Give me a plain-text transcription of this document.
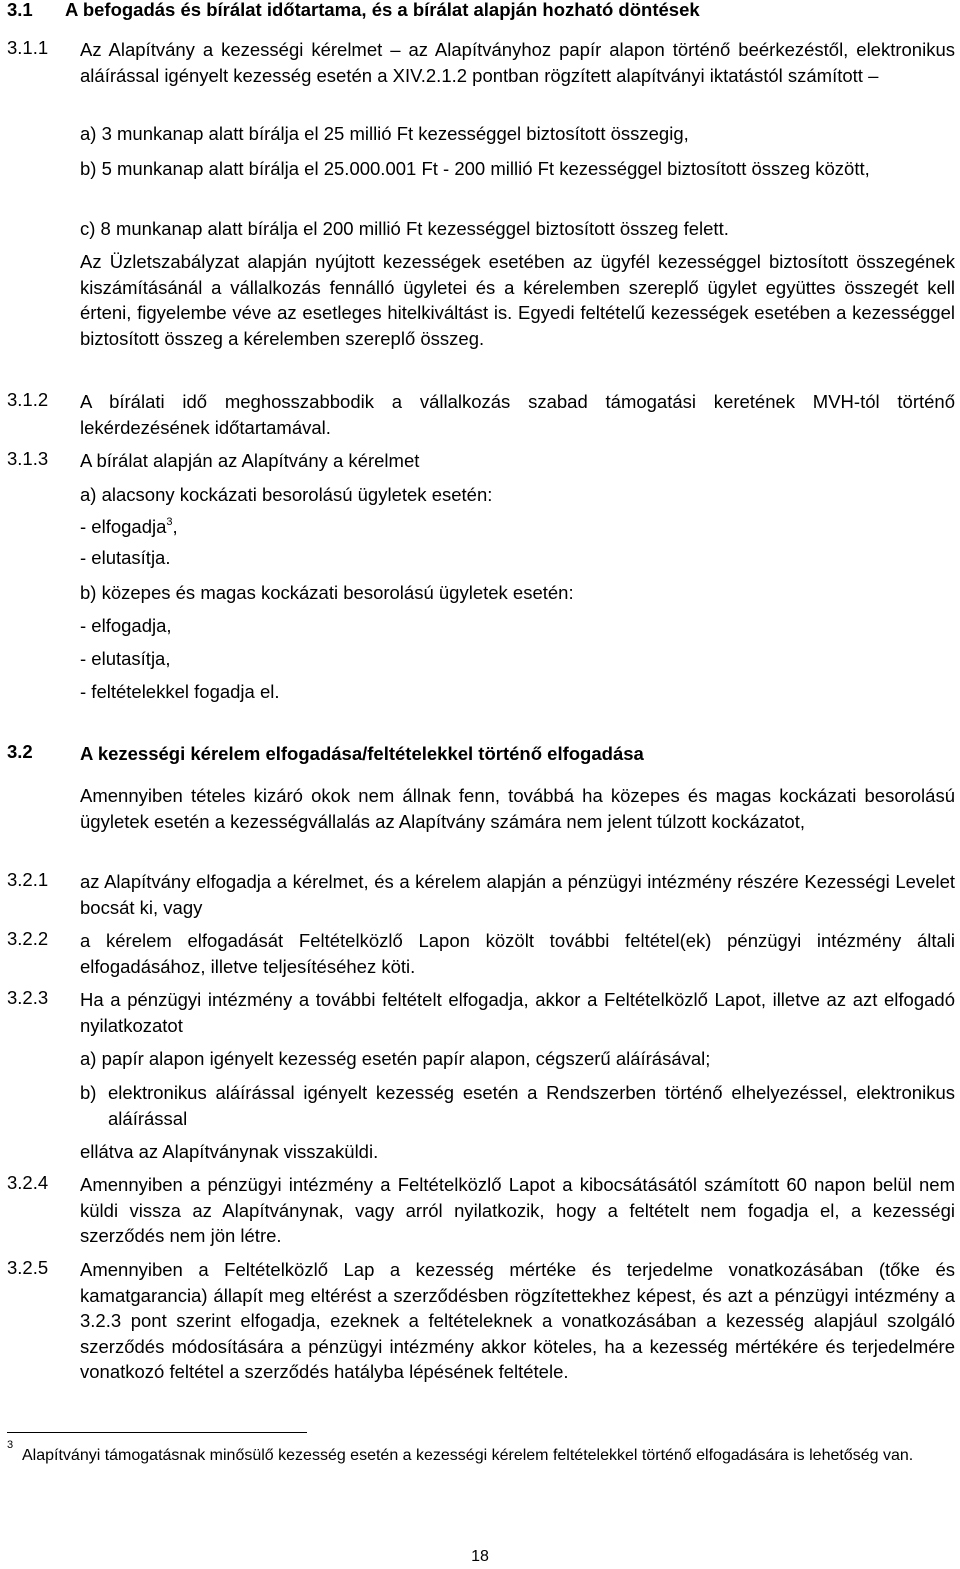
3.1 A befogadás és bírálat időtartama, és a bírálat alapján hozható döntések
3.1.1 Az Alapítvány a kezességi kérelmet – az Alapítványhoz papír alapon történő beérkezéstől, elektronikus aláírással igényelt kezesség esetén a XIV.2.1.2 pontban rögzített alapítványi iktatástól számított –
a) 3 munkanap alatt bírálja el 25 millió Ft kezességgel biztosított összegig,
b) 5 munkanap alatt bírálja el 25.000.001 Ft - 200 millió Ft kezességgel biztosított összeg között,
c) 8 munkanap alatt bírálja el 200 millió Ft kezességgel biztosított összeg felett.
Az Üzletszabályzat alapján nyújtott kezességek esetében az ügyfél kezességgel biztosított összegének kiszámításánál a vállalkozás fennálló ügyletei és a kérelemben szereplő ügylet együttes összegét kell érteni, figyelembe véve az esetleges hitelkiváltást is. Egyedi feltételű kezességek esetében a kezességgel biztosított összeg a kérelemben szereplő összeg.
3.1.2 A bírálati idő meghosszabbodik a vállalkozás szabad támogatási keretének MVH-tól történő lekérdezésének időtartamával.
3.1.3 A bírálat alapján az Alapítvány a kérelmet
a) alacsony kockázati besorolású ügyletek esetén:
- elfogadja$^3$,
- elutasítja.
b) közepes és magas kockázati besorolású ügyletek esetén:
- elfogadja,
- elutasítja,
- feltételekkel fogadja el.
3.2	A kezességi kérelem elfogadása/feltételekkel történő elfogadása
Amennyiben tételes kizáró okok nem állnak fenn, továbbá ha közepes és magas kockázati besorolású ügyletek esetén a kezességvállalás az Alapítvány számára nem jelent túlzott kockázatot,
3.2.1 az Alapítvány elfogadja a kérelmet, és a kérelem alapján a pénzügyi intézmény részére Kezességi Levelet bocsát ki, vagy
3.2.2 a kérelem elfogadását Feltételközlő Lapon közölt további feltétel(ek) pénzügyi intézmény általi elfogadásához, illetve teljesítéséhez köti.
3.2.3 Ha a pénzügyi intézmény a további feltételt elfogadja, akkor a Feltételközlő Lapot, illetve az azt elfogadó nyilatkozatot
a) papír alapon igényelt kezesség esetén papír alapon, cégszerű aláírásával;
b) elektronikus aláírással igényelt kezesség esetén a Rendszerben történő elhelyezéssel, elektronikus aláírással
ellátva az Alapítványnak visszaküldi.
3.2.4 Amennyiben a pénzügyi intézmény a Feltételközlő Lapot a kibocsátásától számított 60 napon belül nem küldi vissza az Alapítványnak, vagy arról nyilatkozik, hogy a feltételt nem fogadja el, a kezességi szerződés nem jön létre.
3.2.5 Amennyiben a Feltételközlő Lap a kezesség mértéke és terjedelme vonatkozásában (tőke és kamatgarancia) állapít meg eltérést a szerződésben rögzítettekhez képest, és azt a pénzügyi intézmény a 3.2.3 pont szerint elfogadja, ezeknek a feltételeknek a vonatkozásában a kezesség alapjául szolgáló szerződés módosítására a pénzügyi intézmény akkor köteles, ha a kezesség mértékére és terjedelmére vonatkozó feltétel a szerződés hatályba lépésének feltétele.
3
Alapítványi támogatásnak minősülő kezesség esetén a kezességi kérelem feltételekkel történő elfogadására is lehetőség van.
18
